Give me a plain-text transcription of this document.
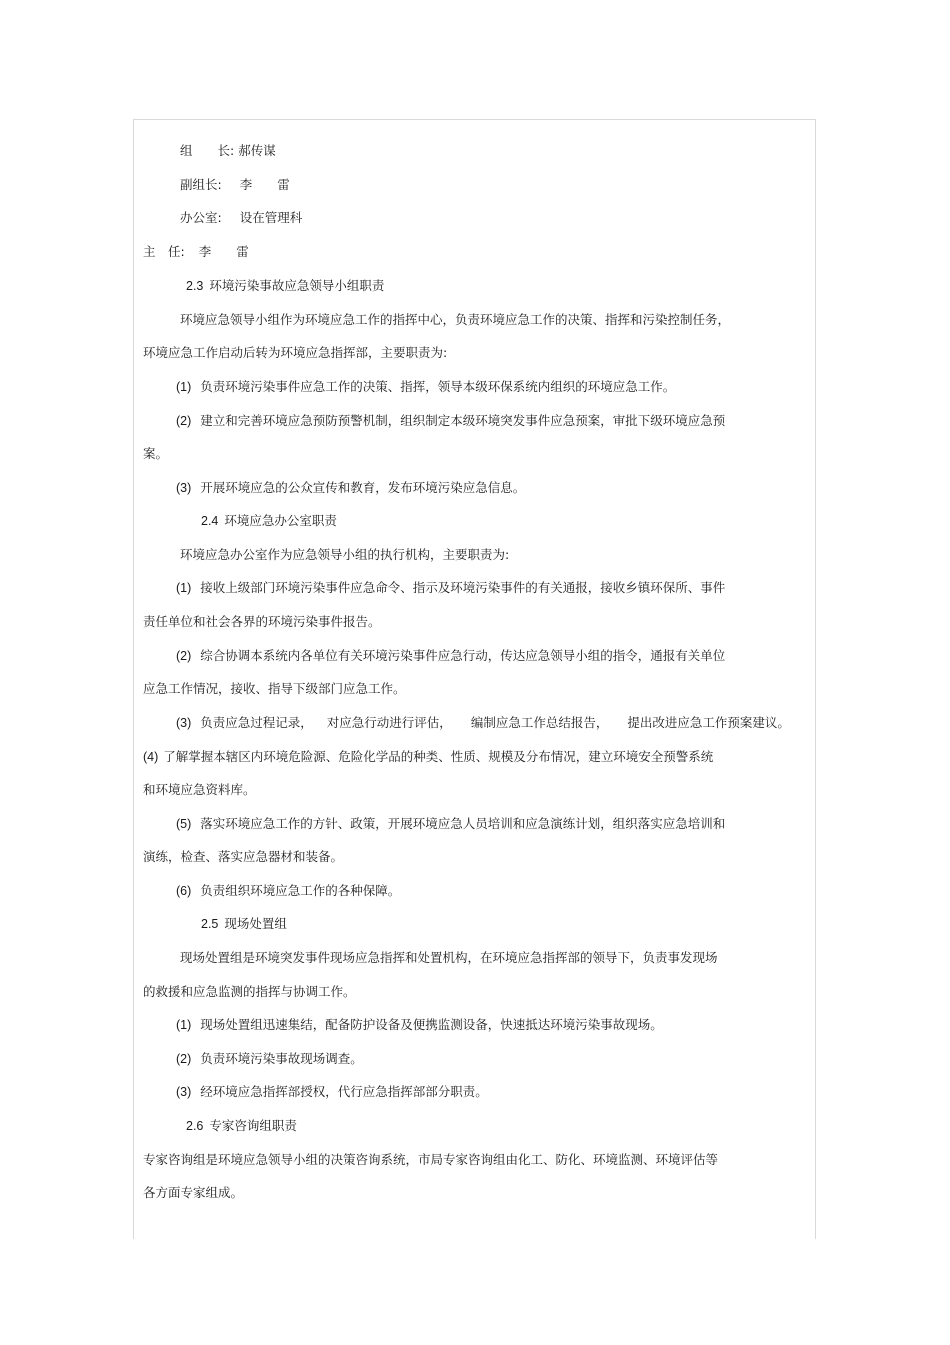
组　　长: 郝传谋
副组长: 李　　雷
办公室: 设在管理科
主　任: 李　　雷
2.3 环境污染事故应急领导小组职责
环境应急领导小组作为环境应急工作的指挥中心，负责环境应急工作的决策、指挥和污染控制任务，
环境应急工作启动后转为环境应急指挥部，主要职责为:
(1) 负责环境污染事件应急工作的决策、指挥，领导本级环保系统内组织的环境应急工作。
(2) 建立和完善环境应急预防预警机制，组织制定本级环境突发事件应急预案，审批下级环境应急预
案。
(3) 开展环境应急的公众宣传和教育，发布环境污染应急信息。
2.4 环境应急办公室职责
环境应急办公室作为应急领导小组的执行机构，主要职责为:
(1) 接收上级部门环境污染事件应急命令、指示及环境污染事件的有关通报，接收乡镇环保所、事件
责任单位和社会各界的环境污染事件报告。
(2) 综合协调本系统内各单位有关环境污染事件应急行动，传达应急领导小组的指令，通报有关单位
应急工作情况，接收、指导下级部门应急工作。
(3) 负责应急过程记录， 对应急行动进行评估， 编制应急工作总结报告， 提出改进应急工作预案建议。
(4) 了解掌握本辖区内环境危险源、危险化学品的种类、性质、规模及分布情况，建立环境安全预警系统
和环境应急资料库。
(5) 落实环境应急工作的方针、政策，开展环境应急人员培训和应急演练计划，组织落实应急培训和
演练，检查、落实应急器材和装备。
(6) 负责组织环境应急工作的各种保障。
2.5 现场处置组
现场处置组是环境突发事件现场应急指挥和处置机构，在环境应急指挥部的领导下，负责事发现场
的救援和应急监测的指挥与协调工作。
(1) 现场处置组迅速集结，配备防护设备及便携监测设备，快速抵达环境污染事故现场。
(2) 负责环境污染事故现场调查。
(3) 经环境应急指挥部授权，代行应急指挥部部分职责。
2.6 专家咨询组职责
专家咨询组是环境应急领导小组的决策咨询系统，市局专家咨询组由化工、防化、环境监测、环境评估等
各方面专家组成。
